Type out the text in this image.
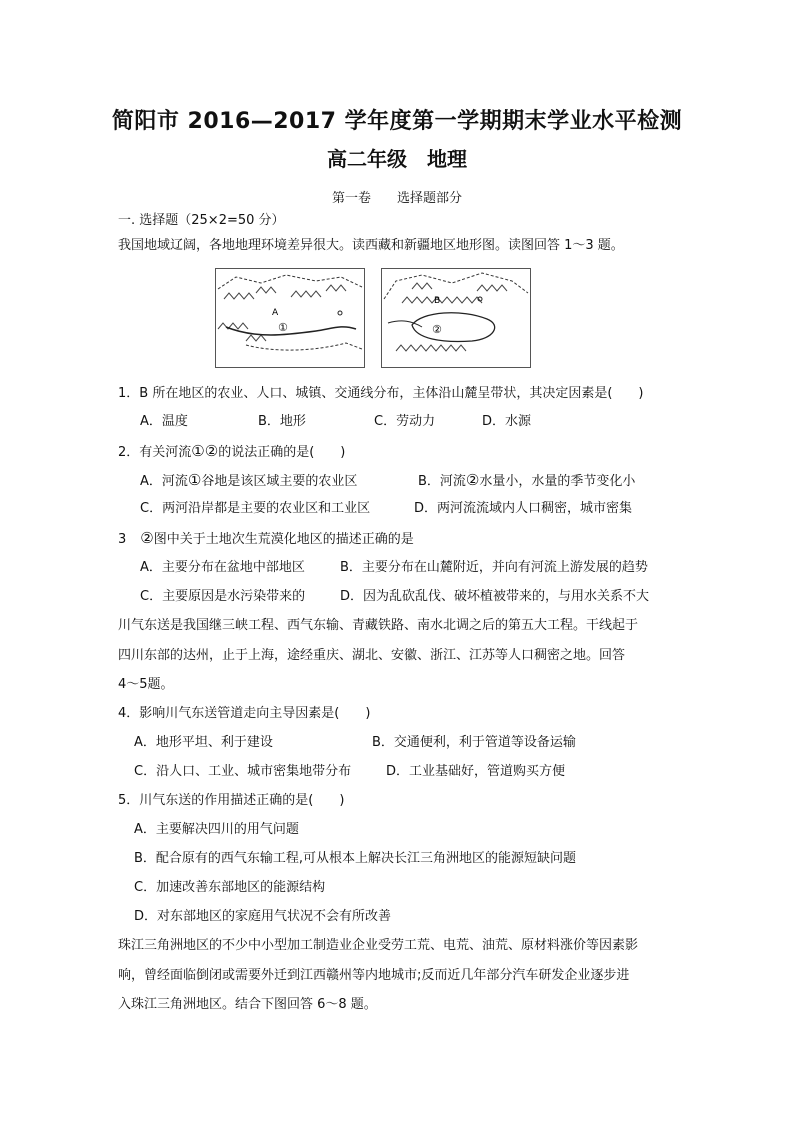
简阳市 2016—2017 学年度第一学期期末学业水平检测
高二年级　地理
第一卷　　选择题部分
一. 选择题（25×2=50 分）
我国地域辽阔，各地地理环境差异很大。读西藏和新疆地区地形图。读图回答 1～3 题。
A
①
B
②
1．B 所在地区的农业、人口、城镇、交通线分布，主体沿山麓呈带状，其决定因素是(　　)
A．温度	B．地形	C．劳动力	D．水源
2．有关河流①②的说法正确的是(　　)
A．河流①谷地是该区域主要的农业区	B．河流②水量小，水量的季节变化小
C．两河沿岸都是主要的农业区和工业区	D．两河流流域内人口稠密，城市密集
3 ②图中关于土地次生荒漠化地区的描述正确的是
A．主要分布在盆地中部地区	B．主要分布在山麓附近，并向有河流上游发展的趋势
C．主要原因是水污染带来的	D．因为乱砍乱伐、破坏植被带来的，与用水关系不大
川气东送是我国继三峡工程、西气东输、青藏铁路、南水北调之后的第五大工程。干线起于
四川东部的达州，止于上海，途经重庆、湖北、安徽、浙江、江苏等人口稠密之地。回答
4～5题。
4．影响川气东送管道走向主导因素是(　　)
A．地形平坦、利于建设	B．交通便利，利于管道等设备运输
C．沿人口、工业、城市密集地带分布	D．工业基础好，管道购买方便
5．川气东送的作用描述正确的是(　　)
A．主要解决四川的用气问题
B．配合原有的西气东输工程,可从根本上解决长江三角洲地区的能源短缺问题
C．加速改善东部地区的能源结构
D．对东部地区的家庭用气状况不会有所改善
珠江三角洲地区的不少中小型加工制造业企业受劳工荒、电荒、油荒、原材料涨价等因素影
响，曾经面临倒闭或需要外迁到江西赣州等内地城市;反而近几年部分汽车研发企业逐步进
入珠江三角洲地区。结合下图回答 6～8 题。
